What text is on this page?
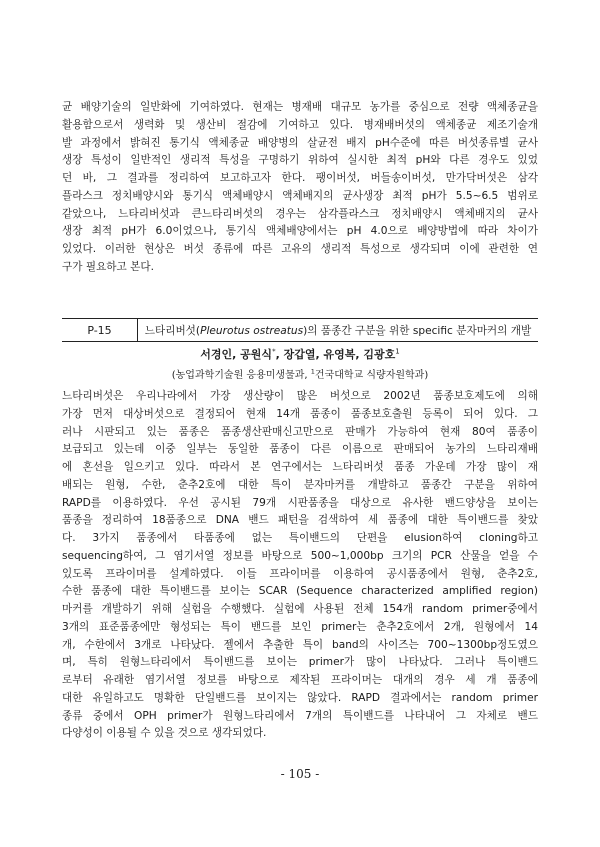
균 배양기술의 일반화에 기여하였다. 현재는 병재배 대규모 농가를 중심으로 전량 액체종균을
활용함으로서 생력화 및 생산비 절감에 기여하고 있다. 병재배버섯의 액체종균 제조기술개
발 과정에서 밝혀진 통기식 액체종균 배양병의 살균전 배지 pH수준에 따른 버섯종류별 균사
생장 특성이 일반적인 생리적 특성을 구명하기 위하여 실시한 최적 pH와 다른 경우도 있었
던 바, 그 결과를 정리하여 보고하고자 한다. 팽이버섯, 버들송이버섯, 만가닥버섯은 삼각
플라스크 정치배양시와 통기식 액체배양시 액체배지의 균사생장 최적 pH가 5.5~6.5 범위로
같았으나, 느타리버섯과 큰느타리버섯의 경우는 삼각플라스크 정치배양시 액체배지의 균사
생장 최적 pH가 6.0이었으나, 통기식 액체배양에서는 pH 4.0으로 배양방법에 따라 차이가
있었다. 이러한 현상은 버섯 종류에 따른 고유의 생리적 특성으로 생각되며 이에 관련한 연
구가 필요하고 본다.
P-15	느타리버섯(Pleurotus ostreatus)의 품종간 구분을 위한 specific 분자마커의 개발
서경인, 공원식*, 장갑열, 유영복, 김광호$^1$
(농업과학기술원 응용미생물과, $^1$건국대학교 식량자원학과)
느타리버섯은 우리나라에서 가장 생산량이 많은 버섯으로 2002년 품종보호제도에 의해
가장 먼저 대상버섯으로 결정되어 현재 14개 품종이 품종보호출원 등록이 되어 있다. 그
러나 시판되고 있는 품종은 품종생산판매신고만으로 판매가 가능하여 현재 80여 품종이
보급되고 있는데 이중 일부는 동일한 품종이 다른 이름으로 판매되어 농가의 느타리재배
에 혼선을 일으키고 있다. 따라서 본 연구에서는 느타리버섯 품종 가운데 가장 많이 재
배되는 원형, 수한, 춘추2호에 대한 특이 분자마커를 개발하고 품종간 구분을 위하여
RAPD를 이용하였다. 우선 공시된 79개 시판품종을 대상으로 유사한 밴드양상을 보이는
품종을 정리하여 18품종으로 DNA 밴드 패턴을 검색하여 세 품종에 대한 특이밴드를 찾았
다. 3가지 품종에서 타품종에 없는 특이밴드의 단편을 elusion하여 cloning하고
sequencing하여, 그 염기서열 정보를 바탕으로 500~1,000bp 크기의 PCR 산물을 얻을 수
있도록 프라이머를 설계하였다. 이들 프라이머를 이용하여 공시품종에서 원형, 춘추2호,
수한 품종에 대한 특이밴드를 보이는 SCAR (Sequence characterized amplified region)
마커를 개발하기 위해 실험을 수행했다. 실험에 사용된 전체 154개 random primer중에서
3개의 표준품종에만 형성되는 특이 밴드를 보인 primer는 춘추2호에서 2개, 원형에서 14
개, 수한에서 3개로 나타났다. 젤에서 추출한 특이 band의 사이즈는 700~1300bp정도였으
며, 특히 원형느타리에서 특이밴드를 보이는 primer가 많이 나타났다. 그러나 특이밴드
로부터 유래한 염기서열 정보를 바탕으로 제작된 프라이머는 대개의 경우 세 개 품종에
대한 유일하고도 명확한 단일밴드를 보이지는 않았다. RAPD 결과에서는 random primer
종류 중에서 OPH primer가 원형느타리에서 7개의 특이밴드를 나타내어 그 자체로 밴드
다양성이 이용될 수 있을 것으로 생각되었다.
- 105 -
